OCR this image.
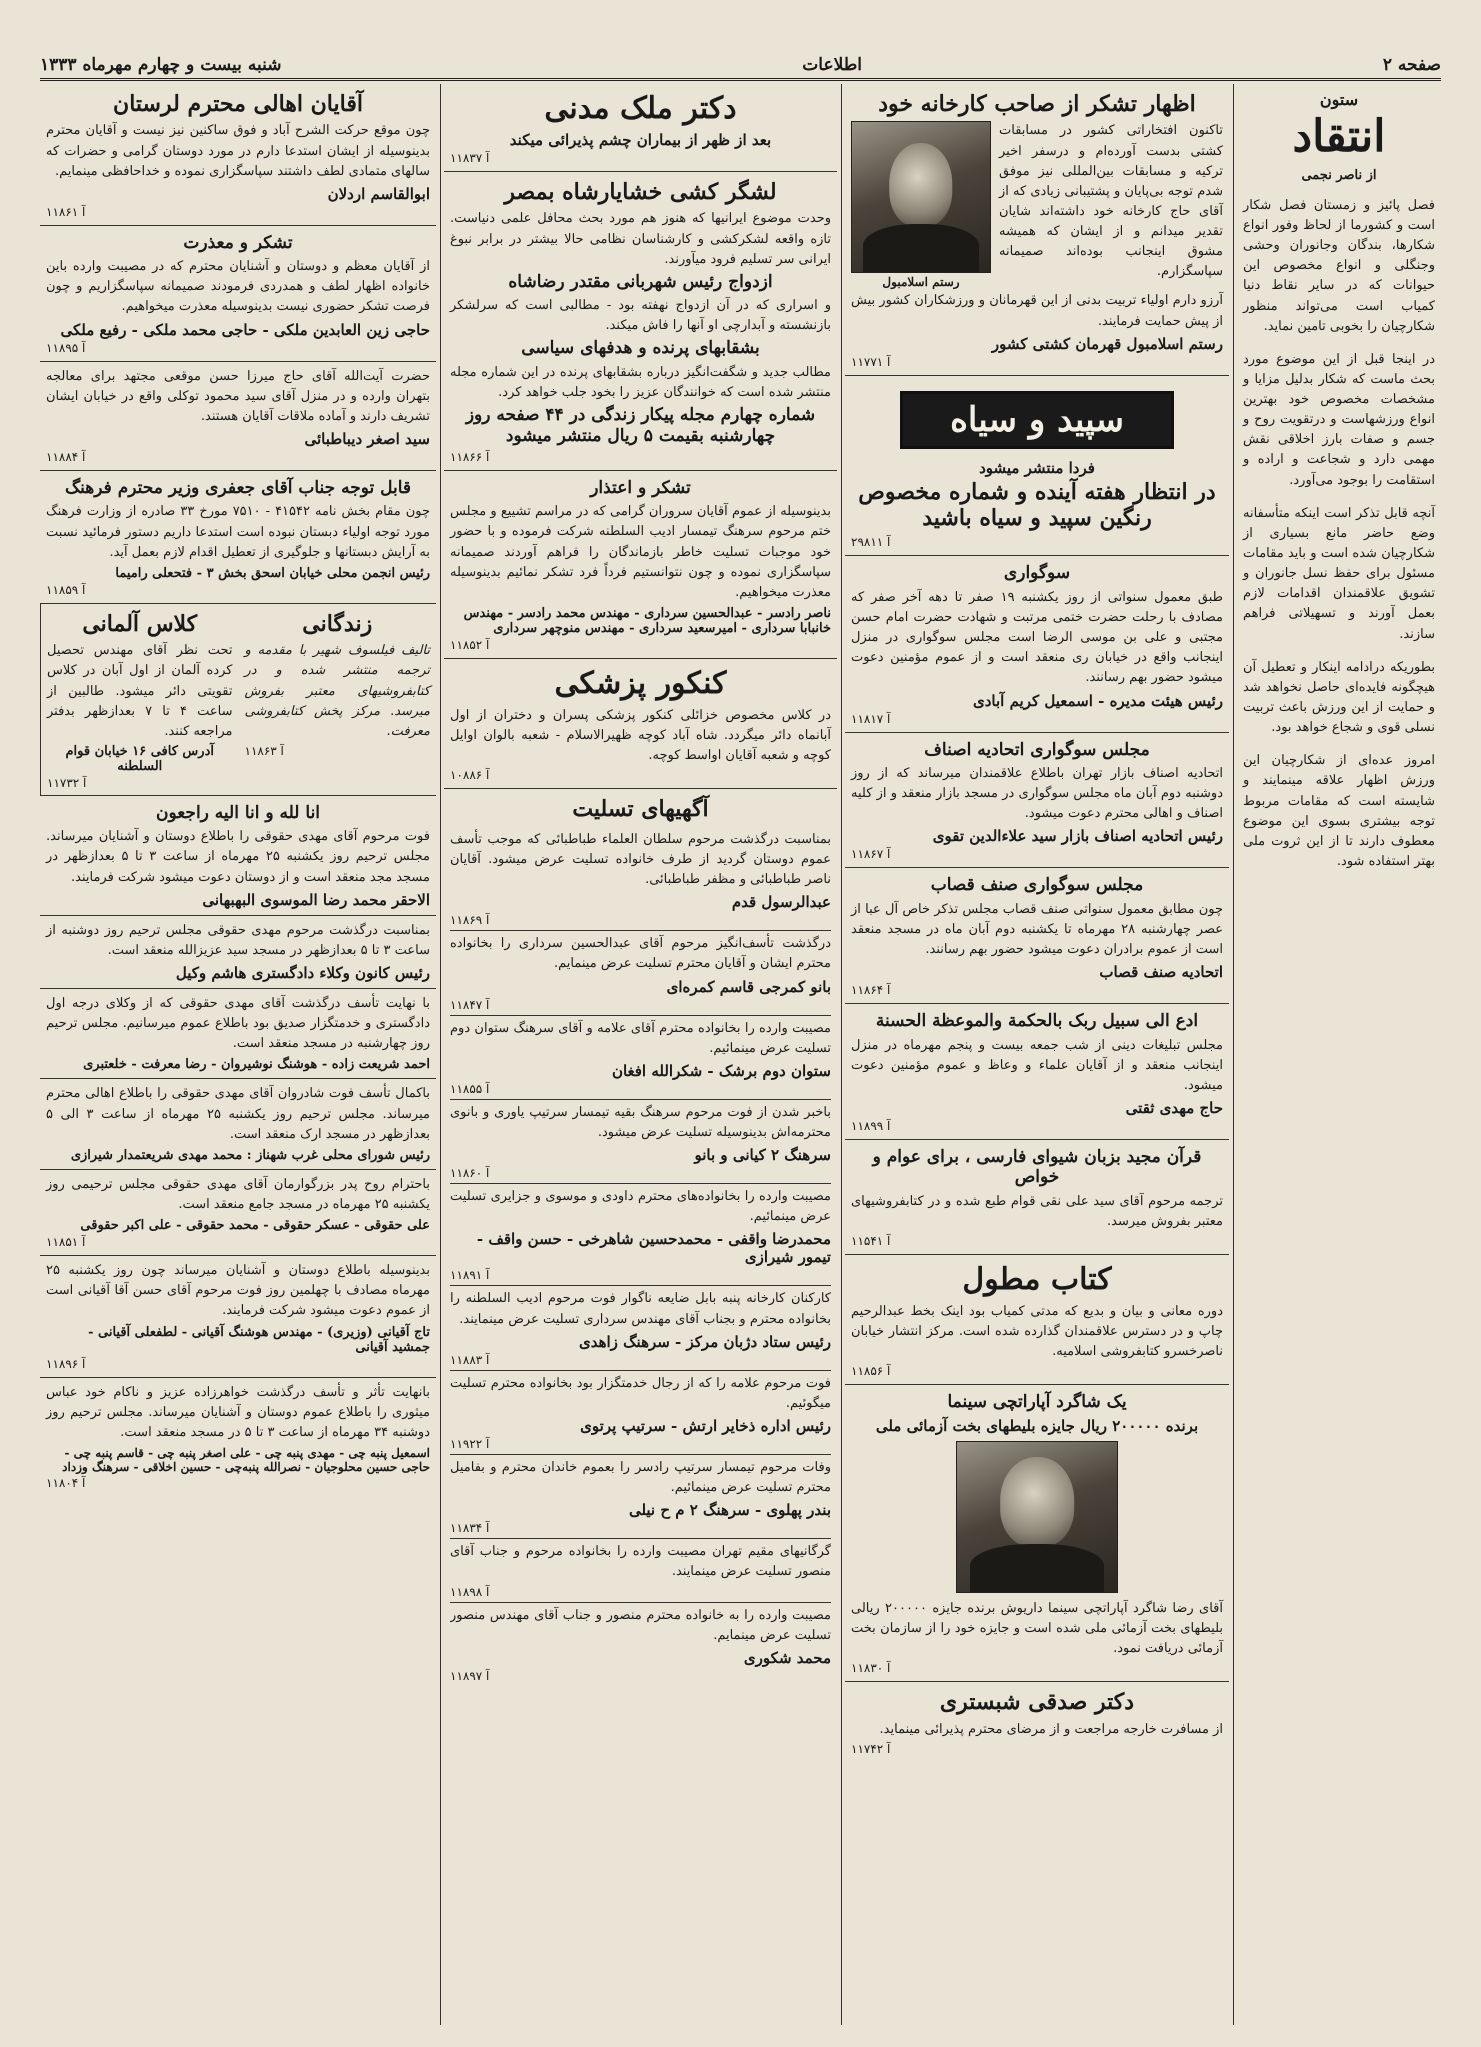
صفحه ۲
اطلاعات
شنبه بیست و چهارم مهرماه ۱۳۳۳
ستون
انتقاد
از ناصر نجمی

فصل پائیز و زمستان فصل شکار است و کشورما از لحاظ وفور انواع شکارها، بندگان وجانوران وحشی وجنگلی و انواع مخصوص این حیوانات که در سایر نقاط دنیا کمیاب است می‌تواند منظور شکارچیان را بخوبی تامین نماید.

در اینجا قبل از این موضوع مورد بحث ماست که شکار بدلیل مزایا و مشخصات مخصوص خود بهترین انواع ورزشهاست و درتقویت روح و جسم و صفات بارز اخلاقی نقش مهمی دارد و شجاعت و اراده و استقامت را بوجود می‌آورد.

آنچه قابل تذکر است اینکه متأسفانه وضع حاضر مانع بسیاری از شکارچیان شده است و باید مقامات مسئول برای حفظ نسل جانوران و تشویق علاقمندان اقدامات لازم بعمل آورند و تسهیلاتی فراهم سازند.

بطوریکه درادامه اینکار و تعطیل آن هیچگونه فایده‌ای حاصل نخواهد شد و حمایت از این ورزش باعث تربیت نسلی قوی و شجاع خواهد بود.

امروز عده‌ای از شکارچیان این ورزش اظهار علاقه مینمایند و شایسته است که مقامات مربوط توجه بیشتری بسوی این موضوع معطوف دارند تا از این ثروت ملی بهتر استفاده شود.

اظهار تشکر از صاحب کارخانه خود
تاکنون افتخاراتی کشور در مسابقات کشتی بدست آورده‌ام و درسفر اخیر ترکیه و مسابقات بین‌المللی نیز موفق شدم توجه بی‌پایان و پشتیبانی زیادی که از آقای حاج کارخانه خود داشته‌اند شایان تقدیر میدانم و از ایشان که همیشه مشوق اینجانب بوده‌اند صمیمانه سپاسگزارم.
رستم اسلامبول
آرزو دارم اولیاء تربیت بدنی از این قهرمانان و ورزشکاران کشور بیش از پیش حمایت فرمایند.
رستم اسلامبول قهرمان کشتی کشور
آ ۱۱۷۷۱
سپید و سیاه
فردا منتشر میشود
در انتظار هفته آینده و شماره مخصوص رنگین سپید و سیاه باشید
آ ۲۹۸۱۱
سوگواری
طبق معمول سنواتی از روز یکشنبه ۱۹ صفر تا دهه آخر صفر که مصادف با رحلت حضرت ختمی مرتبت و شهادت حضرت امام حسن مجتبی و علی بن موسی الرضا است مجلس سوگواری در منزل اینجانب واقع در خیابان ری منعقد است و از عموم مؤمنین دعوت میشود حضور بهم رسانند.
رئیس هیئت مدیره - اسمعیل کریم آبادی
آ ۱۱۸۱۷
مجلس سوگواری اتحادیه اصناف
اتحادیه اصناف بازار تهران باطلاع علاقمندان میرساند که از روز دوشنبه دوم آبان ماه مجلس سوگواری در مسجد بازار منعقد و از کلیه اصناف و اهالی محترم دعوت میشود.
رئیس اتحادیه اصناف بازار سید علاءالدین تقوی
آ ۱۱۸۶۷
مجلس سوگواری صنف قصاب
چون مطابق معمول سنواتی صنف قصاب مجلس تذکر خاص آل عبا از عصر چهارشنبه ۲۸ مهرماه تا یکشنبه دوم آبان ماه در مسجد منعقد است از عموم برادران دعوت میشود حضور بهم رسانند.
اتحادیه صنف قصاب
آ ۱۱۸۶۴
ادع الی سبیل ربک بالحکمة والموعظة الحسنة
مجلس تبلیغات دینی از شب جمعه بیست و پنجم مهرماه در منزل اینجانب منعقد و از آقایان علماء و وعاظ و عموم مؤمنین دعوت میشود.
حاج مهدی ثقتی
آ ۱۱۸۹۹
قرآن مجید بزبان شیوای فارسی ، برای عوام و خواص
ترجمه مرحوم آقای سید علی نقی قوام طبع شده و در کتابفروشیهای معتبر بفروش میرسد.
آ ۱۱۵۴۱
کتاب مطول
دوره معانی و بیان و بدیع که مدتی کمیاب بود اینک بخط عبدالرحیم چاپ و در دسترس علاقمندان گذارده شده است. مرکز انتشار خیابان ناصرخسرو کتابفروشی اسلامیه.
آ ۱۱۸۵۶
یک شاگرد آپاراتچی سینما
برنده ۲۰۰۰۰۰ ریال جایزه بلیطهای بخت آزمائی ملی
آقای رضا شاگرد آپاراتچی سینما داریوش برنده جایزه ۲۰۰۰۰۰ ریالی بلیطهای بخت آزمائی ملی شده است و جایزه خود را از سازمان بخت آزمائی دریافت نمود.
آ ۱۱۸۳۰
دکتر صدقی شبستری
از مسافرت خارجه مراجعت و از مرضای محترم پذیرائی مینماید.
آ ۱۱۷۴۲
دکتر ملک مدنی
بعد از ظهر از بیماران چشم پذیرائی میکند
آ ۱۱۸۳۷
لشگر کشی خشایارشاه بمصر
وحدت موضوع ایرانیها که هنوز هم مورد بحث محافل علمی دنیاست. تازه واقعه لشکرکشی و کارشناسان نظامی حالا بیشتر در برابر نبوغ ایرانی سر تسلیم فرود میآورند.
ازدواج رئیس شهربانی مقتدر رضاشاه
و اسراری که در آن ازدواج نهفته بود - مطالبی است که سرلشکر بازنشسته و آبدارچی او آنها را فاش میکند.
بشقابهای پرنده و هدفهای سیاسی
مطالب جدید و شگفت‌انگیز درباره بشقابهای پرنده در این شماره مجله منتشر شده است که خوانندگان عزیز را بخود جلب خواهد کرد.
شماره چهارم مجله پیکار زندگی در ۴۴ صفحه روز چهارشنبه بقیمت ۵ ریال منتشر میشود
آ ۱۱۸۶۶
تشکر و اعتذار
بدینوسیله از عموم آقایان سروران گرامی که در مراسم تشییع و مجلس ختم مرحوم سرهنگ تیمسار ادیب السلطنه شرکت فرموده و با حضور خود موجبات تسلیت خاطر بازماندگان را فراهم آوردند صمیمانه سپاسگزاری نموده و چون نتوانستیم فرداً فرد تشکر نمائیم بدینوسیله معذرت میخواهیم.
ناصر رادسر - عبدالحسین سرداری - مهندس محمد رادسر - مهندس خانبابا سرداری - امیرسعید سرداری - مهندس منوچهر سرداری
آ ۱۱۸۵۲
کنکور پزشکی
در کلاس مخصوص خزائلی کنکور پزشکی پسران و دختران از اول آبانماه دائر میگردد. شاه آباد کوچه ظهیرالاسلام - شعبه بالوان اوایل کوچه و شعبه آقایان اواسط کوچه.
آ ۱۰۸۸۶
آگهیهای تسلیت
بمناسبت درگذشت مرحوم سلطان العلماء طباطبائی که موجب تأسف عموم دوستان گردید از طرف خانواده تسلیت عرض میشود. آقایان ناصر طباطبائی و مظفر طباطبائی.
عبدالرسول قدم
آ ۱۱۸۶۹
درگذشت تأسف‌انگیز مرحوم آقای عبدالحسین سرداری را بخانواده محترم ایشان و آقایان محترم تسلیت عرض مینمایم.
بانو کمرجی قاسم کمره‌ای
آ ۱۱۸۴۷
مصیبت وارده را بخانواده محترم آقای علامه و آقای سرهنگ ستوان دوم تسلیت عرض مینمائیم.
ستوان دوم برشک - شکرالله افغان
آ ۱۱۸۵۵
باخبر شدن از فوت مرحوم سرهنگ بقیه تیمسار سرتیپ یاوری و بانوی محترمه‌اش بدینوسیله تسلیت عرض میشود.
سرهنگ ۲ کیانی و بانو
آ ۱۱۸۶۰
مصیبت وارده را بخانواده‌های محترم داودی و موسوی و جزایری تسلیت عرض مینمائیم.
محمدرضا واقفی - محمدحسین شاهرخی - حسن واقف - تیمور شیرازی
آ ۱۱۸۹۱
کارکنان کارخانه پنبه بابل ضایعه ناگوار فوت مرحوم ادیب السلطنه را بخانواده محترم و بجناب آقای مهندس سرداری تسلیت عرض مینمایند.
رئیس ستاد دژبان مرکز - سرهنگ زاهدی
آ ۱۱۸۸۳
فوت مرحوم علامه را که از رجال خدمتگزار بود بخانواده محترم تسلیت میگوئیم.
رئیس اداره ذخایر ارتش - سرتیپ پرتوی
آ ۱۱۹۲۲
وفات مرحوم تیمسار سرتیپ رادسر را بعموم خاندان محترم و بفامیل محترم تسلیت عرض مینمائیم.
بندر پهلوی - سرهنگ ۲ م ح نیلی
آ ۱۱۸۳۴
گرگانیهای مقیم تهران مصیبت وارده را بخانواده مرحوم و جناب آقای منصور تسلیت عرض مینمایند.
آ ۱۱۸۹۸
مصیبت وارده را به خانواده محترم منصور و جناب آقای مهندس منصور تسلیت عرض مینمایم.
محمد شکوری
آ ۱۱۸۹۷
آقایان اهالی محترم لرستان
چون موقع حرکت الشرح آباد و فوق ساکنین نیز نیست و آقایان محترم بدینوسیله از ایشان استدعا دارم در مورد دوستان گرامی و حضرات که سالهای متمادی لطف داشتند سپاسگزاری نموده و خداحافظی مینمایم.
ابوالقاسم اردلان
آ ۱۱۸۶۱
تشکر و معذرت
از آقایان معظم و دوستان و آشنایان محترم که در مصیبت وارده باین خانواده اظهار لطف و همدردی فرمودند صمیمانه سپاسگزاریم و چون فرصت تشکر حضوری نیست بدینوسیله معذرت میخواهیم.
حاجی زین العابدین ملکی - حاجی محمد ملکی - رفیع ملکی
آ ۱۱۸۹۵
حضرت آیت‌الله آقای حاج میرزا حسن موقعی مجتهد برای معالجه بتهران وارده و در منزل آقای سید محمود توکلی واقع در خیابان ایشان تشریف دارند و آماده ملاقات آقایان هستند.
سید اصغر دیباطبائی
آ ۱۱۸۸۴
قابل توجه جناب آقای جعفری وزیر محترم فرهنگ
چون مقام بخش نامه ۴۱۵۴۲ - ۷۵۱۰ مورخ ۳۳ صادره از وزارت فرهنگ مورد توجه اولیاء دبستان نبوده است استدعا داریم دستور فرمائید نسبت به آرایش دبستانها و جلوگیری از تعطیل اقدام لازم بعمل آید.
رئیس انجمن محلی خیابان اسحق بخش ۳ - فتحعلی رامیما
آ ۱۱۸۵۹
زندگانی
تالیف فیلسوف شهیر با مقدمه و ترجمه منتشر شده و در کتابفروشیهای معتبر بفروش میرسد. مرکز پخش کتابفروشی معرفت.
آ ۱۱۸۶۳
کلاس آلمانی
تحت نظر آقای مهندس تحصیل کرده آلمان از اول آبان در کلاس تقویتی دائر میشود. طالبین از ساعت ۴ تا ۷ بعدازظهر بدفتر مراجعه کنند.
آدرس کافی ۱۶ خیابان قوام السلطنه
آ ۱۱۷۳۲
انا لله و انا الیه راجعون
فوت مرحوم آقای مهدی حقوقی را باطلاع دوستان و آشنایان میرساند. مجلس ترحیم روز یکشنبه ۲۵ مهرماه از ساعت ۳ تا ۵ بعدازظهر در مسجد مجد منعقد است و از دوستان دعوت میشود شرکت فرمایند.
الاحقر محمد رضا الموسوی البهبهانی
بمناسبت درگذشت مرحوم مهدی حقوقی مجلس ترحیم روز دوشنبه از ساعت ۳ تا ۵ بعدازظهر در مسجد سید عزیزالله منعقد است.
رئیس کانون وکلاء دادگستری هاشم وکیل
با نهایت تأسف درگذشت آقای مهدی حقوقی که از وکلای درجه اول دادگستری و خدمتگزار صدیق بود باطلاع عموم میرسانیم. مجلس ترحیم روز چهارشنبه در مسجد منعقد است.
احمد شریعت زاده - هوشنگ نوشیروان - رضا معرفت - خلعتبری
باکمال تأسف فوت شادروان آقای مهدی حقوقی را باطلاع اهالی محترم میرساند. مجلس ترحیم روز یکشنبه ۲۵ مهرماه از ساعت ۳ الی ۵ بعدازظهر در مسجد ارک منعقد است.
رئیس شورای محلی غرب شهناز : محمد مهدی شریعتمدار شیرازی
باحترام روح پدر بزرگوارمان آقای مهدی حقوقی مجلس ترحیمی روز یکشنبه ۲۵ مهرماه در مسجد جامع منعقد است.
علی حقوقی - عسکر حقوقی - محمد حقوقی - علی اکبر حقوقی
آ ۱۱۸۵۱
بدینوسیله باطلاع دوستان و آشنایان میرساند چون روز یکشنبه ۲۵ مهرماه مصادف با چهلمین روز فوت مرحوم آقای حسن آقا آقیانی است از عموم دعوت میشود شرکت فرمایند.
تاج آقیانی (وزیری) - مهندس هوشنگ آقیانی - لطفعلی آقیانی - جمشید آقیانی
آ ۱۱۸۹۶
بانهایت تأثر و تأسف درگذشت خواهرزاده عزیز و ناکام خود عباس میثوری را باطلاع عموم دوستان و آشنایان میرساند. مجلس ترحیم روز دوشنبه ۳۴ مهرماه از ساعت ۳ تا ۵ در مسجد منعقد است.
اسمعیل پنبه چی - مهدی پنبه چی - علی اصغر پنبه چی - قاسم پنبه چی - حاجی حسین محلوجیان - نصرالله پنبه‌چی - حسین اخلاقی - سرهنگ وزداد
آ ۱۱۸۰۴
